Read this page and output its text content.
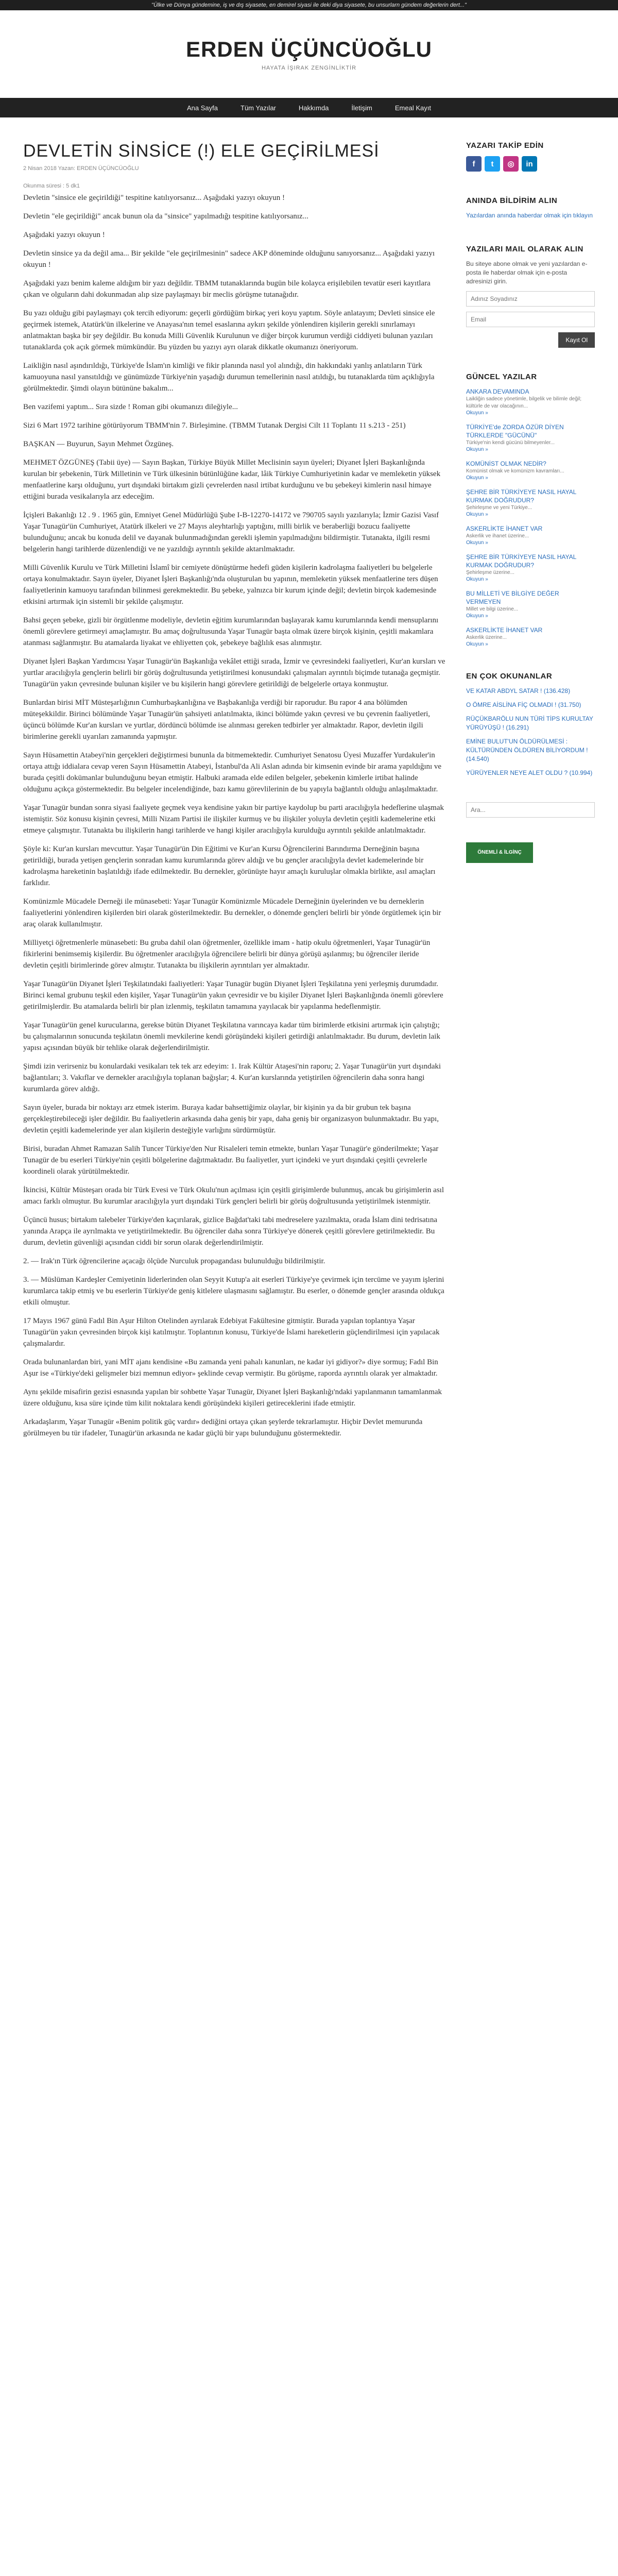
"Ülke ve Dünya gündemine, iş ve dış siyasete, en demirel siyasi ile deki diya siyasete, bu unsurlarn gündem değerlerin dert..."
ERDEN ÜÇÜNCÜOĞLU
HAYATA İŞIRAK ZENGİNLİKTİR
Ana Sayfa	Tüm Yazılar	Hakkımda	İletişim	Emeal Kayıt
DEVLETİN SİNSİCE (!) ELE GEÇİRİLMESİ
2 Nisan 2018 Yazan: ERDEN ÜÇÜNCÜOĞLU
Okunma süresi : 5 dk1

Devletin "sinsice ele geçirildiği" tespitine katılıyorsanız... Aşağıdaki yazıyı okuyun !

Devletin "ele geçirildiği" ancak bunun ola da "sinsice" yapılmadığı tespitine katılıyorsanız...

Aşağıdaki yazıyı okuyun !

Devletin sinsice ya da değil ama... Bir şekilde "ele geçirilmesinin" sadece AKP döneminde olduğunu sanıyorsanız... Aşağıdaki yazıyı okuyun !

Aşağıdaki yazı benim kaleme aldığım bir yazı değildir. TBMM tutanaklarında bugün bile kolayca erişilebilen tevatür eseri kayıtlara çıkan ve olguların dahi dokunmadan alıp size paylaşmayı bir meclis görüşme tutanağıdır.

Bu yazı olduğu gibi paylaşmayı çok tercih ediyorum: geçerli gördüğüm birkaç yeri koyu yaptım. Söyle anlatayım; Devleti sinsice ele geçirmek istemek, Atatürk'ün ilkelerine ve Anayasa'nın temel esaslarına aykırı şekilde yönlendiren kişilerin gerekli sınırlamayı anlatmaktan başka bir şey değildir. Bu konuda Milli Güvenlik Kurulunun ve diğer birçok kurumun verdiği ciddiyeti bulunan yazıları tutanaklarda çok açık görmek mümkündür. Bu yüzden bu yazıyı ayrı olarak dikkatle okumanızı öneriyorum.

Laikliğin nasıl aşındırıldığı, Türkiye'de İslam'ın kimliği ve fikir planında nasıl yol alındığı, din hakkındaki yanlış anlatıların Türk kamuoyuna nasıl yansıtıldığı ve günümüzde Türkiye'nin yaşadığı durumun temellerinin nasıl atıldığı, bu tutanaklarda tüm açıklığıyla görülmektedir. Şimdi olayın bütününe bakalım...

Ben vazifemi yaptım... Sıra sizde ! Roman gibi okumanızı dileğiyle...

Sizi 6 Mart 1972 tarihine götürüyorum TBMM'nin 7. Birleşimine. (TBMM Tutanak Dergisi Cilt 11 Toplantı 11 s.213 - 251)

BAŞKAN — Buyurun, Sayın Mehmet Özgüneş.

MEHMET ÖZGÜNEŞ (Tabii üye) — Sayın Başkan, Türkiye Büyük Millet Meclisinin sayın üyeleri; Diyanet İşleri Başkanlığında kurulan bir şebekenin, Türk Milletinin ve Türk ülkesinin bütünlüğüne kadar, lâik Türkiye Cumhuriyetinin kadar ve memleketin yüksek menfaatlerine karşı olduğunu, yurt dışındaki birtakım gizli çevrelerden nasıl irtibat kurduğunu ve bu şebekeyi kimlerin nasıl himaye ettiğini burada vesikalarıyla arz edeceğim.

İçişleri Bakanlığı 12 . 9 . 1965 gün, Emniyet Genel Müdürlüğü Şube I-B-12270-14172 ve 790705 sayılı yazılarıyla; İzmir Gazisi Vasıf Yaşar Tunagür'ün Cumhuriyet, Atatürk ilkeleri ve 27 Mayıs aleyhtarlığı yaptığını, milli birlik ve beraberliği bozucu faaliyette bulunduğunu; ancak bu konuda delil ve dayanak bulunmadığından gerekli işlemin yapılmadığını bildirmiştir. Tutanakta, ilgili resmi belgelerin hangi tarihlerde düzenlendiği ve ne yazıldığı ayrıntılı şekilde aktarılmaktadır.

Milli Güvenlik Kurulu ve Türk Milletini İslamî bir cemiyete dönüştürme hedefi güden kişilerin kadrolaşma faaliyetleri bu belgelerle ortaya konulmaktadır. Sayın üyeler, Diyanet İşleri Başkanlığı'nda oluşturulan bu yapının, memleketin yüksek menfaatlerine ters düşen faaliyetlerinin kamuoyu tarafından bilinmesi gerekmektedir. Bu şebeke, yalnızca bir kurum içinde değil; devletin birçok kademesinde etkisini artırmak için sistemli bir şekilde çalışmıştır.

Bahsi geçen şebeke, gizli bir örgütlenme modeliyle, devletin eğitim kurumlarından başlayarak kamu kurumlarında kendi mensuplarını önemli görevlere getirmeyi amaçlamıştır. Bu amaç doğrultusunda Yaşar Tunagür başta olmak üzere birçok kişinin, çeşitli makamlara atanması sağlanmıştır. Bu atamalarda liyakat ve ehliyetten çok, şebekeye bağlılık esas alınmıştır.

Diyanet İşleri Başkan Yardımcısı Yaşar Tunagür'ün Başkanlığa vekâlet ettiği sırada, İzmir ve çevresindeki faaliyetleri, Kur'an kursları ve yurtlar aracılığıyla gençlerin belirli bir görüş doğrultusunda yetiştirilmesi konusundaki çalışmaları ayrıntılı biçimde tutanağa geçmiştir. Tunagür'ün yakın çevresinde bulunan kişiler ve bu kişilerin hangi görevlere getirildiği de belgelerle ortaya konmuştur.

Bunlardan birisi MİT Müsteşarlığının Cumhurbaşkanlığına ve Başbakanlığa verdiği bir raporudur. Bu rapor 4 ana bölümden müteşekkildir. Birinci bölümünde Yaşar Tunagür'ün şahsiyeti anlatılmakta, ikinci bölümde yakın çevresi ve bu çevrenin faaliyetleri, üçüncü bölümde Kur'an kursları ve yurtlar, dördüncü bölümde ise alınması gereken tedbirler yer almaktadır. Rapor, devletin ilgili birimlerine gerekli uyarıları zamanında yapmıştır.

Sayın Hüsamettin Atabeyi'nin gerçekleri değiştirmesi bununla da bitmemektedir. Cumhuriyet Senatosu Üyesi Muzaffer Yurdakuler'in ortaya attığı iddialara cevap veren Sayın Hüsamettin Atabeyi, İstanbul'da Ali Aslan adında bir kimsenin evinde bir arama yapıldığını ve burada çeşitli dokümanlar bulunduğunu beyan etmiştir. Halbuki aramada elde edilen belgeler, şebekenin kimlerle irtibat halinde olduğunu açıkça göstermektedir. Bu belgeler incelendiğinde, bazı kamu görevlilerinin de bu yapıyla bağlantılı olduğu anlaşılmaktadır.

Yaşar Tunagür bundan sonra siyasi faaliyete geçmek veya kendisine yakın bir partiye kaydolup bu parti aracılığıyla hedeflerine ulaşmak istemiştir. Söz konusu kişinin çevresi, Milli Nizam Partisi ile ilişkiler kurmuş ve bu ilişkiler yoluyla devletin çeşitli kademelerine etki etmeye çalışmıştır. Tutanakta bu ilişkilerin hangi tarihlerde ve hangi kişiler aracılığıyla kurulduğu ayrıntılı şekilde anlatılmaktadır.

Şöyle ki: Kur'an kursları mevcuttur. Yaşar Tunagür'ün Din Eğitimi ve Kur'an Kursu Öğrencilerini Barındırma Derneğinin başına getirildiği, burada yetişen gençlerin sonradan kamu kurumlarında görev aldığı ve bu gençler aracılığıyla devlet kademelerinde bir kadrolaşma hareketinin başlatıldığı ifade edilmektedir. Bu dernekler, görünüşte hayır amaçlı kuruluşlar olmakla birlikte, asıl amaçları farklıdır.

Komünizmle Mücadele Derneği ile münasebeti: Yaşar Tunagür Komünizmle Mücadele Derneğinin üyelerinden ve bu derneklerin faaliyetlerini yönlendiren kişilerden biri olarak gösterilmektedir. Bu dernekler, o dönemde gençleri belirli bir yönde örgütlemek için bir araç olarak kullanılmıştır.

Milliyetçi öğretmenlerle münasebeti: Bu gruba dahil olan öğretmenler, özellikle imam - hatip okulu öğretmenleri, Yaşar Tunagür'ün fikirlerini benimsemiş kişilerdir. Bu öğretmenler aracılığıyla öğrencilere belirli bir dünya görüşü aşılanmış; bu öğrenciler ileride devletin çeşitli birimlerinde görev almıştır. Tutanakta bu ilişkilerin ayrıntıları yer almaktadır.

Yaşar Tunagür'ün Diyanet İşleri Teşkilatındaki faaliyetleri: Yaşar Tunagür bugün Diyanet İşleri Teşkilatına yeni yerleşmiş durumdadır. Birinci kemal grubunu teşkil eden kişiler, Yaşar Tunagür'ün yakın çevresidir ve bu kişiler Diyanet İşleri Başkanlığında önemli görevlere getirilmişlerdir. Bu atamalarda belirli bir plan izlenmiş, teşkilatın tamamına yayılacak bir yapılanma hedeflenmiştir.

Yaşar Tunagür'ün genel kurucularına, gerekse bütün Diyanet Teşkilatına varıncaya kadar tüm birimlerde etkisini artırmak için çalıştığı; bu çalışmalarının sonucunda teşkilatın önemli mevkilerine kendi görüşündeki kişileri getirdiği anlatılmaktadır. Bu durum, devletin laik yapısı açısından büyük bir tehlike olarak değerlendirilmiştir.

Şimdi izin verirseniz bu konulardaki vesikaları tek tek arz edeyim: 1. Irak Kültür Ataşesi'nin raporu; 2. Yaşar Tunagür'ün yurt dışındaki bağlantıları; 3. Vakıflar ve dernekler aracılığıyla toplanan bağışlar; 4. Kur'an kurslarında yetiştirilen öğrencilerin daha sonra hangi kurumlarda görev aldığı.

Sayın üyeler, burada bir noktayı arz etmek isterim. Buraya kadar bahsettiğimiz olaylar, bir kişinin ya da bir grubun tek başına gerçekleştirebileceği işler değildir. Bu faaliyetlerin arkasında daha geniş bir yapı, daha geniş bir organizasyon bulunmaktadır. Bu yapı, devletin çeşitli kademelerinde yer alan kişilerin desteğiyle varlığını sürdürmüştür.

Birisi, buradan Ahmet Ramazan Salih Tuncer Türkiye'den Nur Risaleleri temin etmekte, bunları Yaşar Tunagür'e gönderilmekte; Yaşar Tunagür de bu eserleri Türkiye'nin çeşitli bölgelerine dağıtmaktadır. Bu faaliyetler, yurt içindeki ve yurt dışındaki çeşitli çevrelerle koordineli olarak yürütülmektedir.

İkincisi, Kültür Müsteşarı orada bir Türk Evesi ve Türk Okulu'nun açılması için çeşitli girişimlerde bulunmuş, ancak bu girişimlerin asıl amacı farklı olmuştur. Bu kurumlar aracılığıyla yurt dışındaki Türk gençleri belirli bir görüş doğrultusunda yetiştirilmek istenmiştir.

Üçüncü husus; birtakım talebeler Türkiye'den kaçırılarak, gizlice Bağdat'taki tabi medreselere yazılmakta, orada İslam dini tedrisatına yanında Arapça ile ayrılmakta ve yetiştirilmektedir. Bu öğrenciler daha sonra Türkiye'ye dönerek çeşitli görevlere getirilmektedir. Bu durum, devletin güvenliği açısından ciddi bir sorun olarak değerlendirilmiştir.

2. — Irak'ın Türk öğrencilerine açacağı ölçüde Nurculuk propagandası bulunulduğu bildirilmiştir.

3. — Müslüman Kardeşler Cemiyetinin liderlerinden olan Seyyit Kutup'a ait eserleri Türkiye'ye çevirmek için tercüme ve yayım işlerini kurumlarca takip etmiş ve bu eserlerin Türkiye'de geniş kitlelere ulaşmasını sağlamıştır. Bu eserler, o dönemde gençler arasında oldukça etkili olmuştur.

17 Mayıs 1967 günü Fadıl Bin Aşur Hilton Otelinden ayrılarak Edebiyat Fakültesine gitmiştir. Burada yapılan toplantıya Yaşar Tunagür'ün yakın çevresinden birçok kişi katılmıştır. Toplantının konusu, Türkiye'de İslami hareketlerin güçlendirilmesi için yapılacak çalışmalardır.

Orada bulunanlardan biri, yani MİT ajanı kendisine «Bu zamanda yeni pahalı kanunları, ne kadar iyi gidiyor?» diye sormuş; Fadıl Bin Aşur ise «Türkiye'deki gelişmeler bizi memnun ediyor» şeklinde cevap vermiştir. Bu görüşme, raporda ayrıntılı olarak yer almaktadır.

Aynı şekilde misafirin gezisi esnasında yapılan bir sohbette Yaşar Tunagür, Diyanet İşleri Başkanlığı'ndaki yapılanmanın tamamlanmak üzere olduğunu, kısa süre içinde tüm kilit noktalara kendi görüşündeki kişileri getireceklerini ifade etmiştir.

Arkadaşlarım, Yaşar Tunagür «Benim politik güç vardır» dediğini ortaya çıkan şeylerde tekrarlamıştır. Hiçbir Devlet memurunda görülmeyen bu tür ifadeler, Tunagür'ün arkasında ne kadar güçlü bir yapı bulunduğunu göstermektedir.

YAZARI TAKİP EDİN
f	t	◎	in
ANINDA BİLDİRİM ALIN
Yazılardan anında haberdar olmak için tıklayın
YAZILARI MAIL OLARAK ALIN
Bu siteye abone olmak ve yeni yazılardan e-posta ile haberdar olmak için e-posta adresinizi girin.
Adınız Soyadınız Email
Kayıt Ol
GÜNCEL YAZILAR
ANKARA DEVAMINDA
Laikliğin sadece yönetimle, bilgelik ve bilimle değil; kültürle de var olacağının...
Okuyun »
TÜRKİYE'de ZORDA ÖZÜR DİYEN TÜRKLERDE "GÜCÜNÜ"
Türkiye'nin kendi gücünü bilmeyenler...
Okuyun »
KOMÜNİST OLMAK NEDİR?
Komünist olmak ve komünizm kavramları...
Okuyun »
ŞEHRE BİR TÜRKİYEYE NASIL HAYAL KURMAK DOĞRUDUR?
Şehirleşme ve yeni Türkiye...
Okuyun »
ASKERLİKTE İHANET VAR
Askerlik ve ihanet üzerine...
Okuyun »
ŞEHRE BİR TÜRKİYEYE NASIL HAYAL KURMAK DOĞRUDUR?
Şehirleşme üzerine...
Okuyun »
BU MİLLETİ VE BİLGİYE DEĞER VERMEYEN
Millet ve bilgi üzerine...
Okuyun »
ASKERLİKTE İHANET VAR
Askerlik üzerine...
Okuyun »
EN ÇOK OKUNANLAR
VE KATAR ABDYL SATAR ! (136.428)
O ÖMRE AİSLİNA FİÇ OLMADI ! (31.750)
RÜÇÜKBARÖLU NUN TÜRİ TİPS KURULTAY YÜRÜYÜŞÜ ! (16.291)
EMİNE BULUT'UN ÖLDÜRÜLMESİ : KÜLTÜRÜNDEN ÖLDÜREN BİLİYORDUM ! (14.540)
YÜRÜYENLER NEYE ALET OLDU ? (10.994)
Ara...
ÖNEMLİ & İLGİNÇ
